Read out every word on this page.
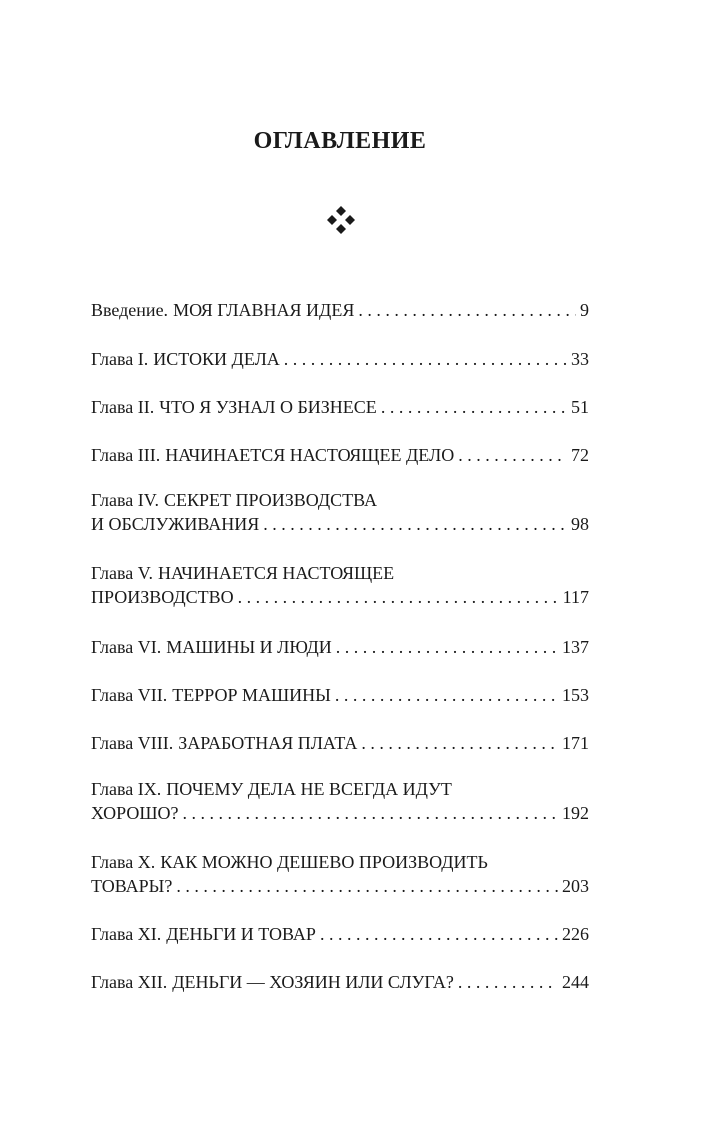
ОГЛАВЛЕНИЕ
Введение. МОЯ ГЛАВНАЯ ИДЕЯ . . .	9
Глава I. ИСТОКИ ДЕЛА . . .	33
Глава II. ЧТО Я УЗНАЛ О БИЗНЕСЕ . . .	51
Глава III. НАЧИНАЕТСЯ НАСТОЯЩЕЕ ДЕЛО . . .	72
Глава IV. СЕКРЕТ ПРОИЗВОДСТВА
И ОБСЛУЖИВАНИЯ . . .	98
Глава V. НАЧИНАЕТСЯ НАСТОЯЩЕЕ
ПРОИЗВОДСТВО . . .	117
Глава VI. МАШИНЫ И ЛЮДИ . . .	137
Глава VII. ТЕРРОР МАШИНЫ . . .	153
Глава VIII. ЗАРАБОТНАЯ ПЛАТА . . .	171
Глава IX. ПОЧЕМУ ДЕЛА НЕ ВСЕГДА ИДУТ
ХОРОШО? . . .	192
Глава X. КАК МОЖНО ДЕШЕВО ПРОИЗВОДИТЬ
ТОВАРЫ? . . .	203
Глава XI. ДЕНЬГИ И ТОВАР . . .	226
Глава XII. ДЕНЬГИ — ХОЗЯИН ИЛИ СЛУГА? . . .	244
